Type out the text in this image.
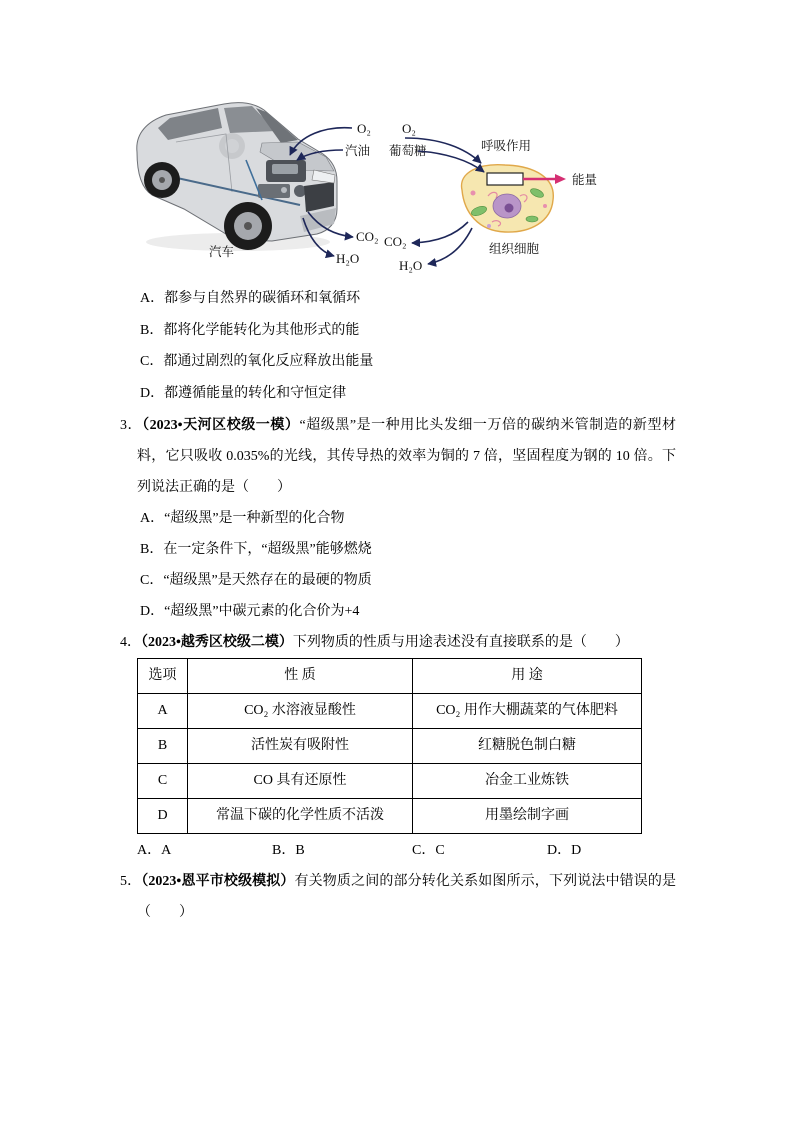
O₂
汽油
CO₂
H₂O
汽车
O₂
葡萄糖	呼吸作用
能量
CO₂
H₂O
组织细胞
A．都参与自然界的碳循环和氧循环
B．都将化学能转化为其他形式的能
C．都通过剧烈的氧化反应释放出能量
D．都遵循能量的转化和守恒定律
3．（2023•天河区校级一模）“超级黑”是一种用比头发细一万倍的碳纳米管制造的新型材
料，它只吸收 0.035%的光线，其传导热的效率为铜的 7 倍，坚固程度为钢的 10 倍。下
列说法正确的是（　　）
A．“超级黑”是一种新型的化合物
B．在一定条件下，“超级黑”能够燃烧
C．“超级黑”是天然存在的最硬的物质
D．“超级黑”中碳元素的化合价为+4
4．（2023•越秀区校级二模）下列物质的性质与用途表述没有直接联系的是（　　）
选项	性 质	用 途
A	CO₂ 水溶液显酸性	CO₂ 用作大棚蔬菜的气体肥料
B	活性炭有吸附性	红糖脱色制白糖
C	CO 具有还原性	冶金工业炼铁
D	常温下碳的化学性质不活泼	用墨绘制字画
A．A	B．B	C．C	D．D
5．（2023•恩平市校级模拟）有关物质之间的部分转化关系如图所示，下列说法中错误的是
（　　）
